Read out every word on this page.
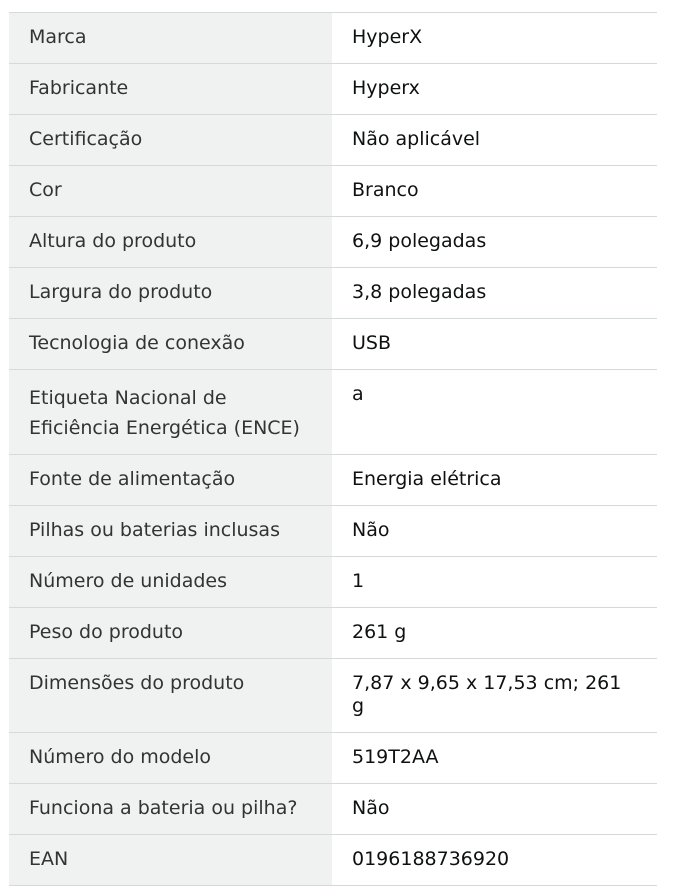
Marca	HyperX
Fabricante	Hyperx
Certificação	Não aplicável
Cor	Branco
Altura do produto	6,9 polegadas
Largura do produto	3,8 polegadas
Tecnologia de conexão	USB
Etiqueta Nacional de Eficiência Energética (ENCE)	a
Fonte de alimentação	Energia elétrica
Pilhas ou baterias inclusas	Não
Número de unidades	1
Peso do produto	261 g
Dimensões do produto	7,87 x 9,65 x 17,53 cm; 261 g
Número do modelo	519T2AA
Funciona a bateria ou pilha?	Não
EAN	0196188736920
